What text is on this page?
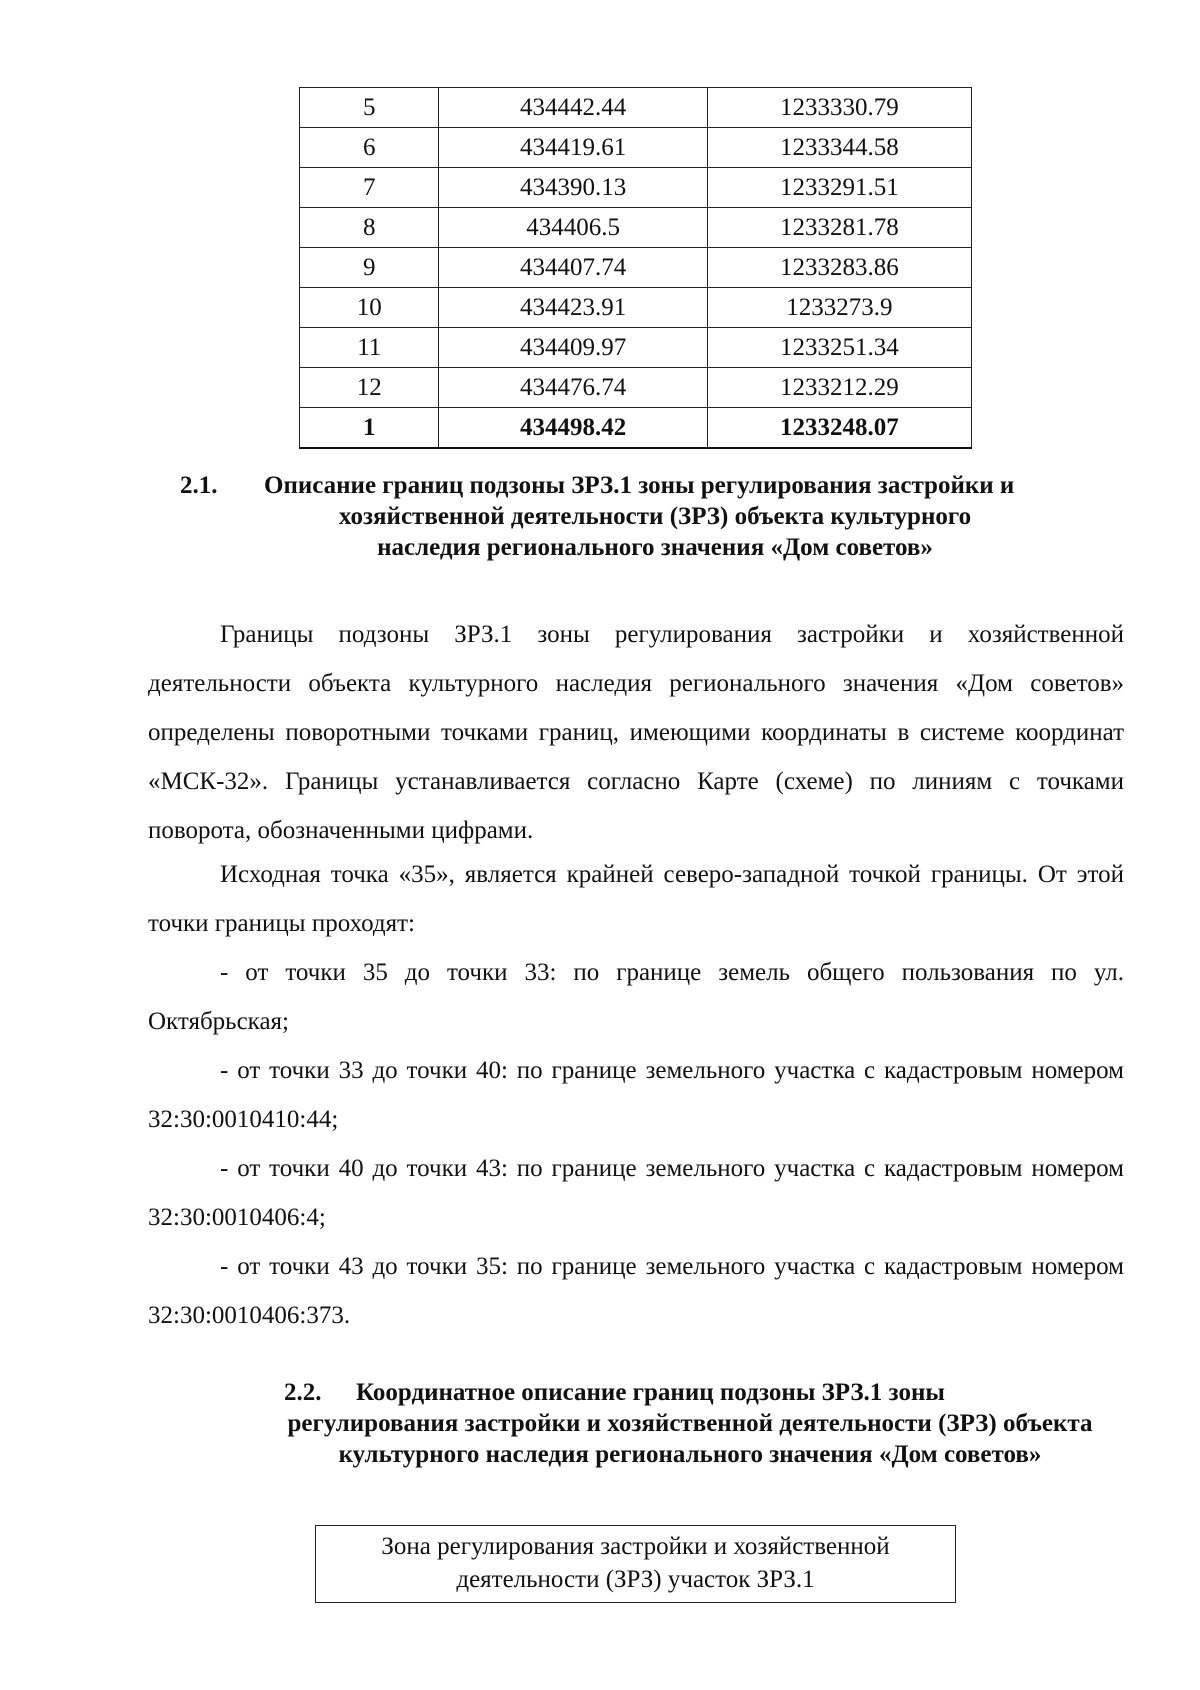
5	434442.44	1233330.79
6	434419.61	1233344.58
7	434390.13	1233291.51
8	434406.5	1233281.78
9	434407.74	1233283.86
10	434423.91	1233273.9
11	434409.97	1233251.34
12	434476.74	1233212.29
1	434498.42	1233248.07
2.1. Описание границ подзоны ЗРЗ.1 зоны регулирования застройки и
хозяйственной деятельности (ЗРЗ) объекта культурного наследия регионального значения «Дом советов»
Границы подзоны ЗРЗ.1 зоны регулирования застройки и хозяйственной деятельности объекта культурного наследия регионального значения «Дом советов» определены поворотными точками границ, имеющими координаты в системе координат «МСК-32». Границы устанавливается согласно Карте (схеме) по линиям с точками поворота, обозначенными цифрами.
Исходная точка «35», является крайней северо-западной точкой границы. От этой точки границы проходят:
- от точки 35 до точки 33: по границе земель общего пользования по ул. Октябрьская;
- от точки 33 до точки 40: по границе земельного участка с кадастровым номером 32:30:0010410:44;
- от точки 40 до точки 43: по границе земельного участка с кадастровым номером 32:30:0010406:4;
- от точки 43 до точки 35: по границе земельного участка с кадастровым номером 32:30:0010406:373.
2.2. Координатное описание границ подзоны ЗРЗ.1 зоны
регулирования застройки и хозяйственной деятельности (ЗРЗ) объекта культурного наследия регионального значения «Дом советов»
Зона регулирования застройки и хозяйственной
деятельности (ЗРЗ) участок ЗРЗ.1
